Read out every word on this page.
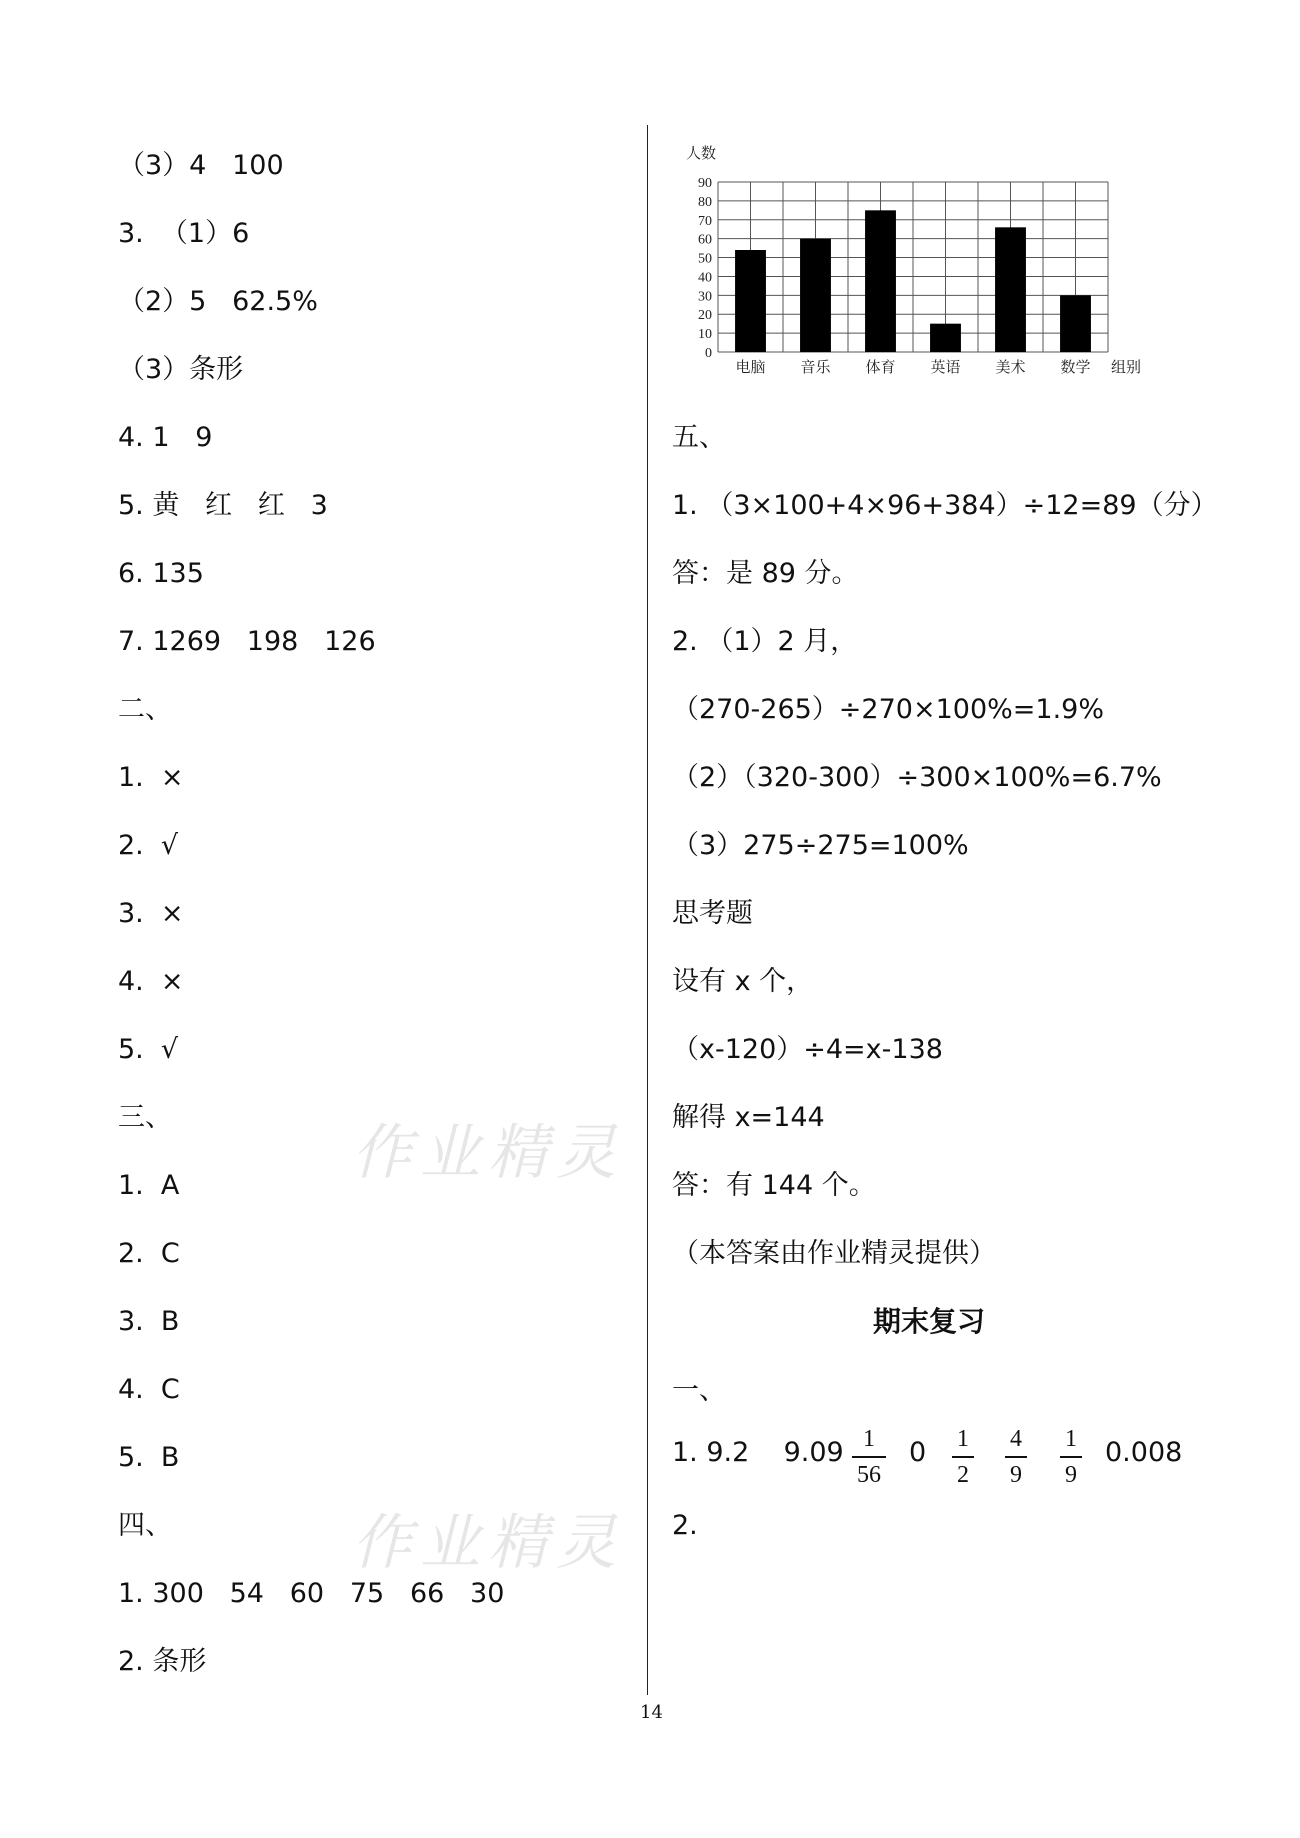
（3）4   100
3.  （1）6
（2）5   62.5%
（3）条形
4. 1   9
5. 黄   红   红   3
6. 135
7. 1269   198   126
二、
1.  ×
2.  √
3.  ×
4.  ×
5.  √
三、
1.  A
2.  C
3.  B
4.  C
5.  B
四、
1. 300   54   60   75   66   30
2. 条形
五、
1. （3×100+4×96+384）÷12=89（分）
答：是 89 分。
2. （1）2 月，
（270-265）÷270×100%=1.9%
（2）（320-300）÷300×100%=6.7%
（3）275÷275=100%
思考题
设有 x 个，
（x-120）÷4=x-138
解得 x=144
答：有 144 个。
（本答案由作业精灵提供）
作业精灵
作业精灵
0
10
20
30
40
50
60
70
80
90
人数
电脑 音乐 体育 英语 美术 数学 组别
期末复习
一、
1. 9.2    9.09 1
56
0 1
2
4
9
1
9
0.008
2.
14
